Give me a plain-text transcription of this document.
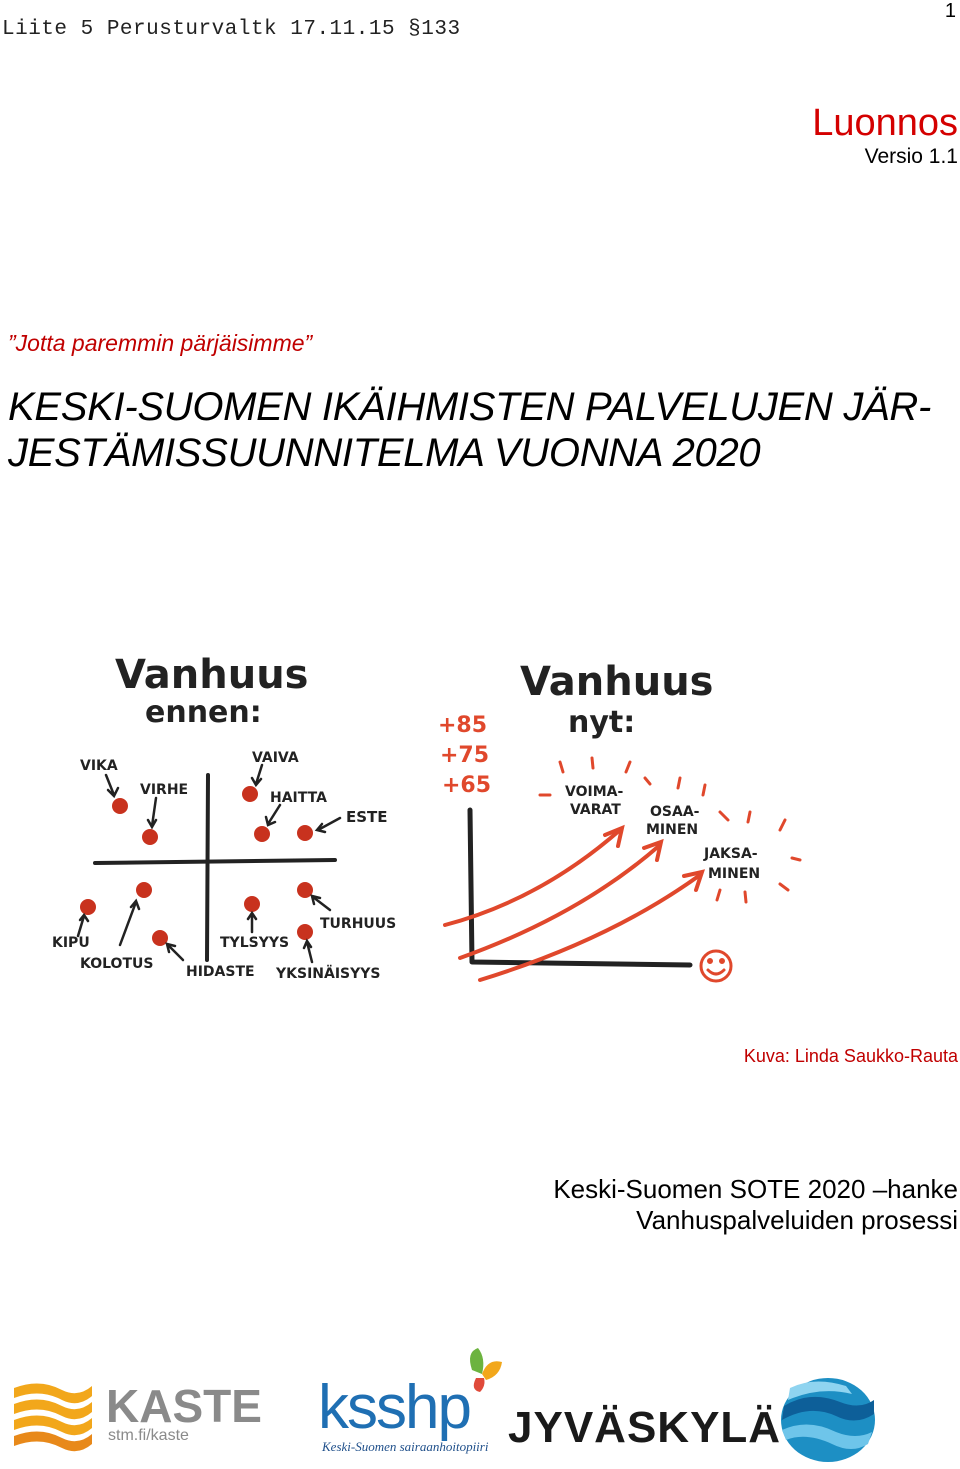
Liite 5 Perusturvaltk 17.11.15 §133
1
Luonnos
Versio 1.1
”Jotta paremmin pärjäisimme”
KESKI-SUOMEN IKÄIHMISTEN PALVELUJEN JÄR-
JESTÄMISSUUNNITELMA VUONNA 2020
Vanhuus
ennen:
VIKA
VIRHE
VAIVA
HAITTA
ESTE
KIPU
KOLOTUS HIDASTE
TYLSYYS
TURHUUS
YKSINÄISYYS
Vanhuus
nyt:
+85
+75
+65	VOIMA-
VARAT OSAA-
MINEN
JAKSA-
MINEN
Kuva: Linda Saukko-Rauta
Keski-Suomen SOTE 2020 –hanke
Vanhuspalveluiden prosessi
KASTE
stm.fi/kaste ksshp
Keski-Suomen sairaanhoitopiiri JYVÄSKYLÄ
